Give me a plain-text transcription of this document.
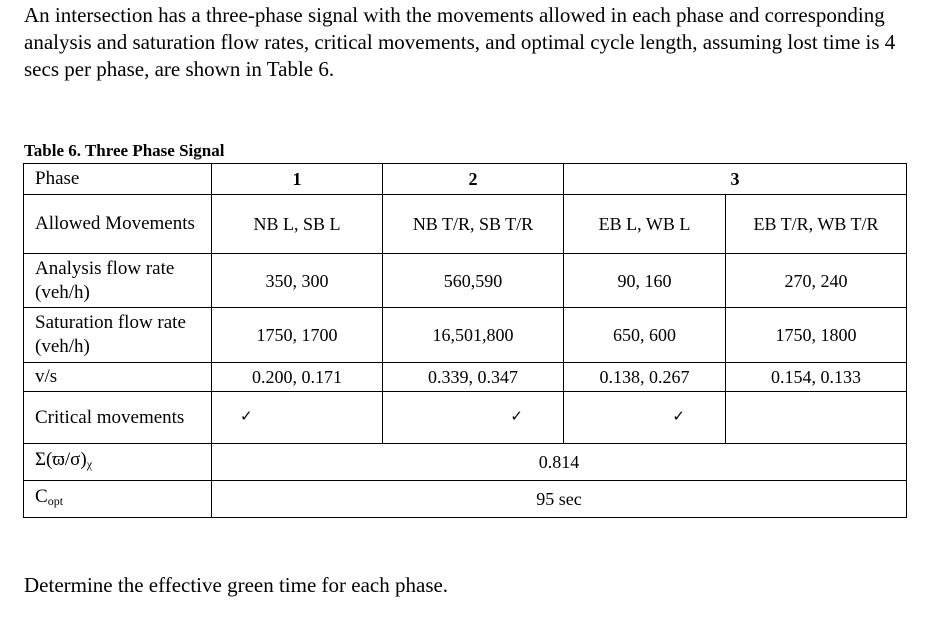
An intersection has a three-phase signal with the movements allowed in each phase and corresponding analysis and saturation flow rates, critical movements, and optimal cycle length, assuming lost time is 4 secs per phase, are shown in Table 6.

Table 6. Three Phase Signal

Phase	1	2	3	
Allowed Movements	NB L, SB L	NB T/R, SB T/R	EB L, WB L	EB T/R, WB T/R
Analysis flow rate (veh/h)	350, 300	560,590	90, 160	270, 240
Saturation flow rate (veh/h)	1750, 1700	16,501,800	650, 600	1750, 1800
v/s	0.200, 0.171	0.339, 0.347	0.138, 0.267	0.154, 0.133
Critical movements	✓	✓	✓	
$\Sigma(ϖ/\sigma)_\chi$	0.814			
$C_{opt}$	95 sec			

Determine the effective green time for each phase.
